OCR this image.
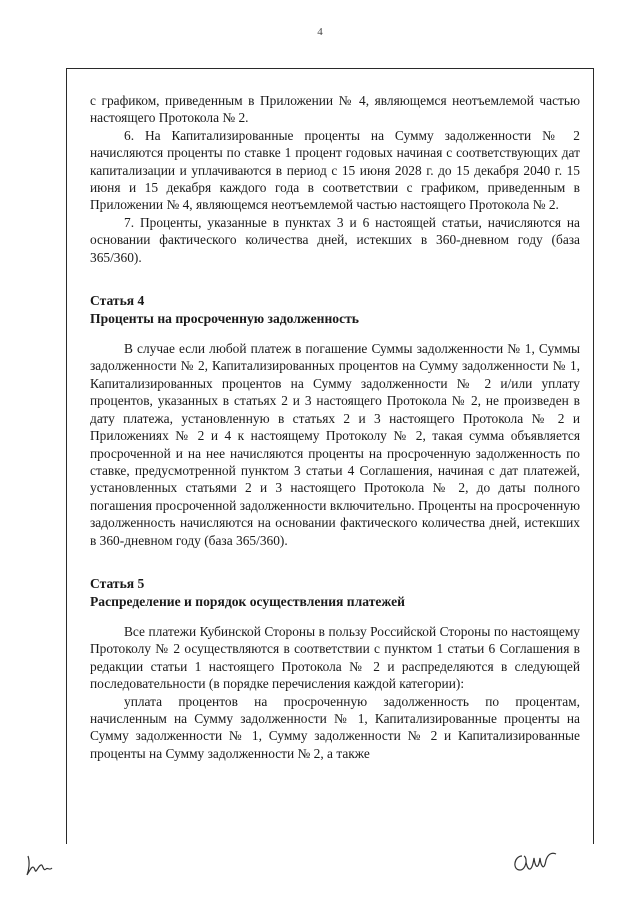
4

с графиком, приведенным в Приложении № 4, являющемся неотъемлемой частью настоящего Протокола № 2.

6. На Капитализированные проценты на Сумму задолженности № 2 начисляются проценты по ставке 1 процент годовых начиная с соответствующих дат капитализации и уплачиваются в период с 15 июня 2028 г. до 15 декабря 2040 г. 15 июня и 15 декабря каждого года в соответствии с графиком, приведенным в Приложении № 4, являющемся неотъемлемой частью настоящего Протокола № 2.

7. Проценты, указанные в пунктах 3 и 6 настоящей статьи, начисляются на основании фактического количества дней, истекших в 360-дневном году (база 365/360).

Статья 4

Проценты на просроченную задолженность

В случае если любой платеж в погашение Суммы задолженности № 1, Суммы задолженности № 2, Капитализированных процентов на Сумму задолженности № 1, Капитализированных процентов на Сумму задолженности № 2 и/или уплату процентов, указанных в статьях 2 и 3 настоящего Протокола № 2, не произведен в дату платежа, установленную в статьях 2 и 3 настоящего Протокола № 2 и Приложениях № 2 и 4 к настоящему Протоколу № 2, такая сумма объявляется просроченной и на нее начисляются проценты на просроченную задолженность по ставке, предусмотренной пунктом 3 статьи 4 Соглашения, начиная с дат платежей, установленных статьями 2 и 3 настоящего Протокола № 2, до даты полного погашения просроченной задолженности включительно. Проценты на просроченную задолженность начисляются на основании фактического количества дней, истекших в 360-дневном году (база 365/360).

Статья 5

Распределение и порядок осуществления платежей

Все платежи Кубинской Стороны в пользу Российской Стороны по настоящему Протоколу № 2 осуществляются в соответствии с пунктом 1 статьи 6 Соглашения в редакции статьи 1 настоящего Протокола № 2 и распределяются в следующей последовательности (в порядке перечисления каждой категории):

уплата процентов на просроченную задолженность по процентам, начисленным на Сумму задолженности № 1, Капитализированные проценты на Сумму задолженности № 1, Сумму задолженности № 2 и Капитализированные проценты на Сумму задолженности № 2, а также
